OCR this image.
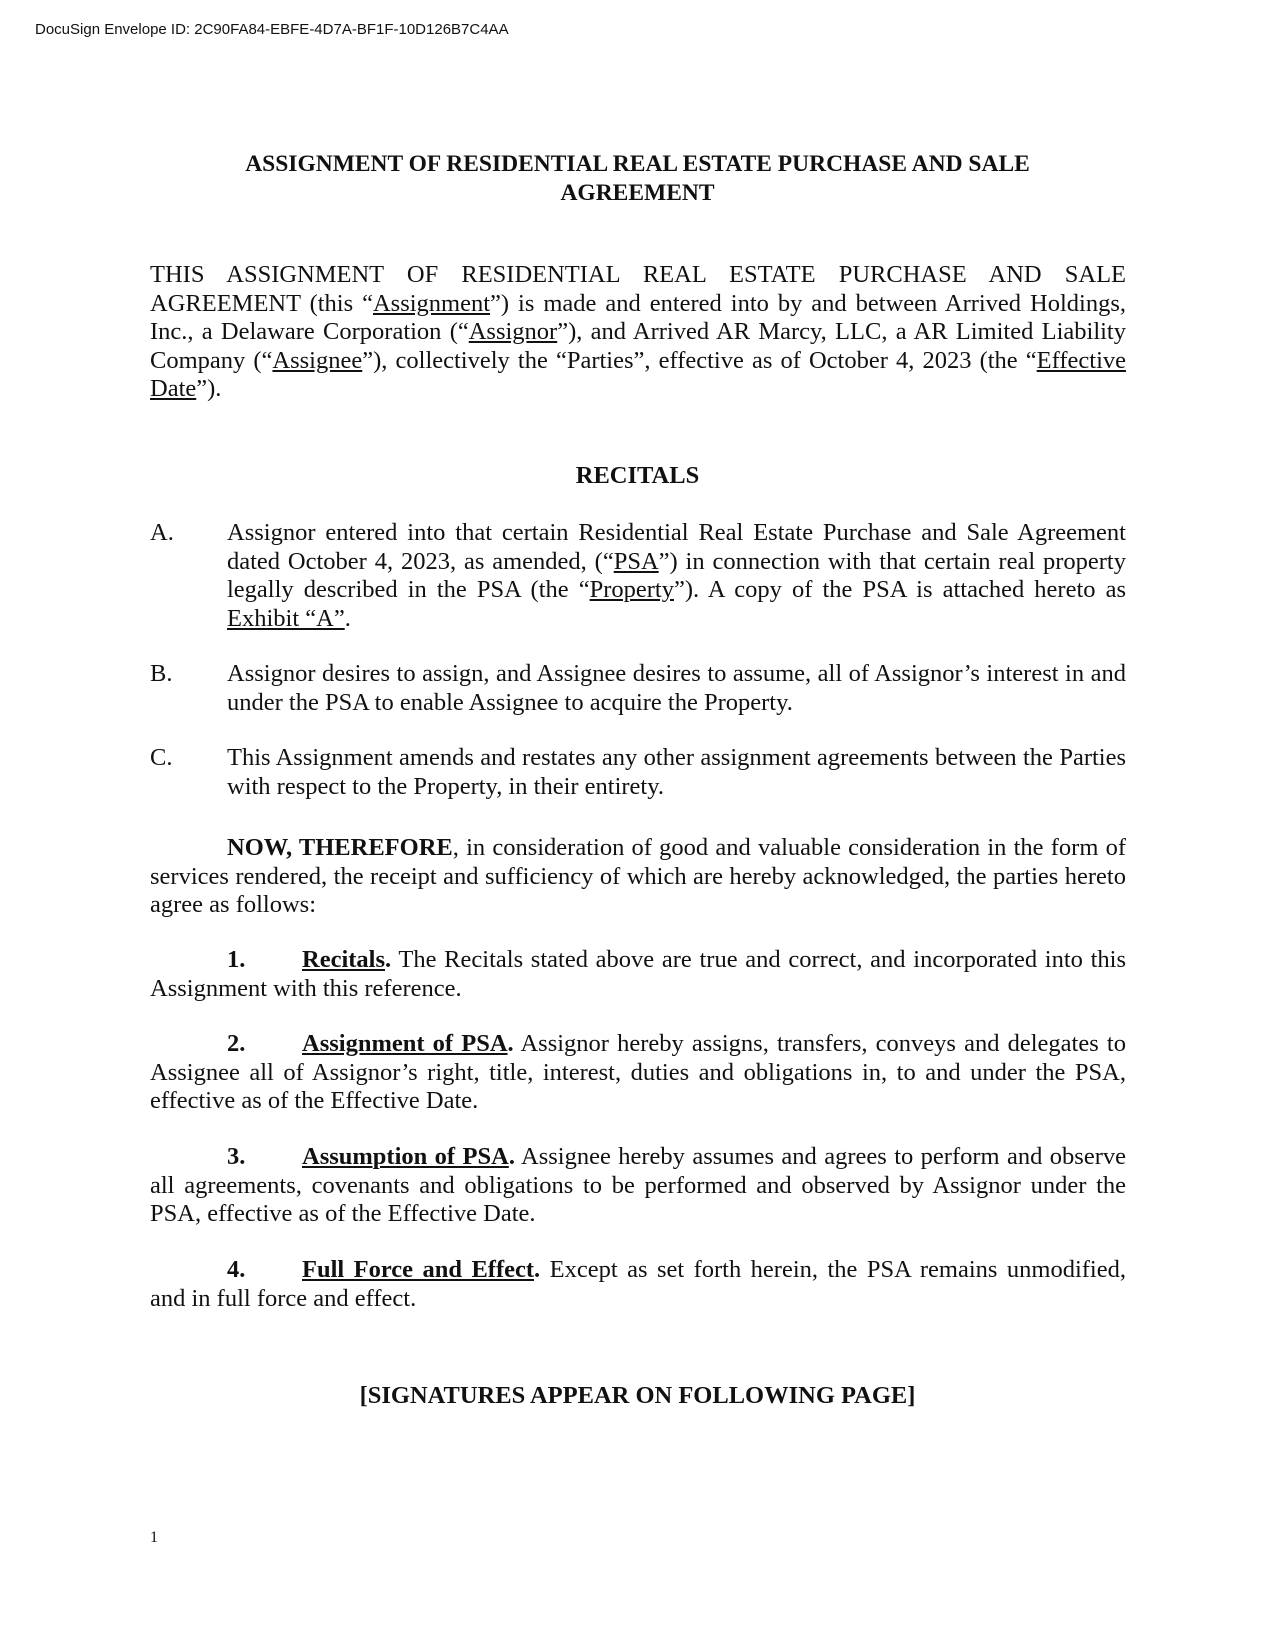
DocuSign Envelope ID: 2C90FA84-EBFE-4D7A-BF1F-10D126B7C4AA
ASSIGNMENT OF RESIDENTIAL REAL ESTATE PURCHASE AND SALE
AGREEMENT
THIS ASSIGNMENT OF RESIDENTIAL REAL ESTATE PURCHASE AND SALE AGREEMENT (this “Assignment”) is made and entered into by and between Arrived Holdings, Inc., a Delaware Corporation (“Assignor”), and Arrived AR Marcy, LLC, a AR Limited Liability Company (“Assignee”), collectively the “Parties”, effective as of October 4, 2023 (the “Effective Date”).
RECITALS
A. Assignor entered into that certain Residential Real Estate Purchase and Sale Agreement dated October 4, 2023, as amended, (“PSA”) in connection with that certain real property legally described in the PSA (the “Property”). A copy of the PSA is attached hereto as Exhibit “A”.
B. Assignor desires to assign, and Assignee desires to assume, all of Assignor’s interest in and under the PSA to enable Assignee to acquire the Property.
C. This Assignment amends and restates any other assignment agreements between the Parties with respect to the Property, in their entirety.
NOW, THEREFORE, in consideration of good and valuable consideration in the form of services rendered, the receipt and sufficiency of which are hereby acknowledged, the parties hereto agree as follows:
1. Recitals. The Recitals stated above are true and correct, and incorporated into this Assignment with this reference.
2. Assignment of PSA. Assignor hereby assigns, transfers, conveys and delegates to Assignee all of Assignor’s right, title, interest, duties and obligations in, to and under the PSA, effective as of the Effective Date.
3. Assumption of PSA. Assignee hereby assumes and agrees to perform and observe all agreements, covenants and obligations to be performed and observed by Assignor under the PSA, effective as of the Effective Date.
4. Full Force and Effect. Except as set forth herein, the PSA remains unmodified, and in full force and effect.
[SIGNATURES APPEAR ON FOLLOWING PAGE]
1
